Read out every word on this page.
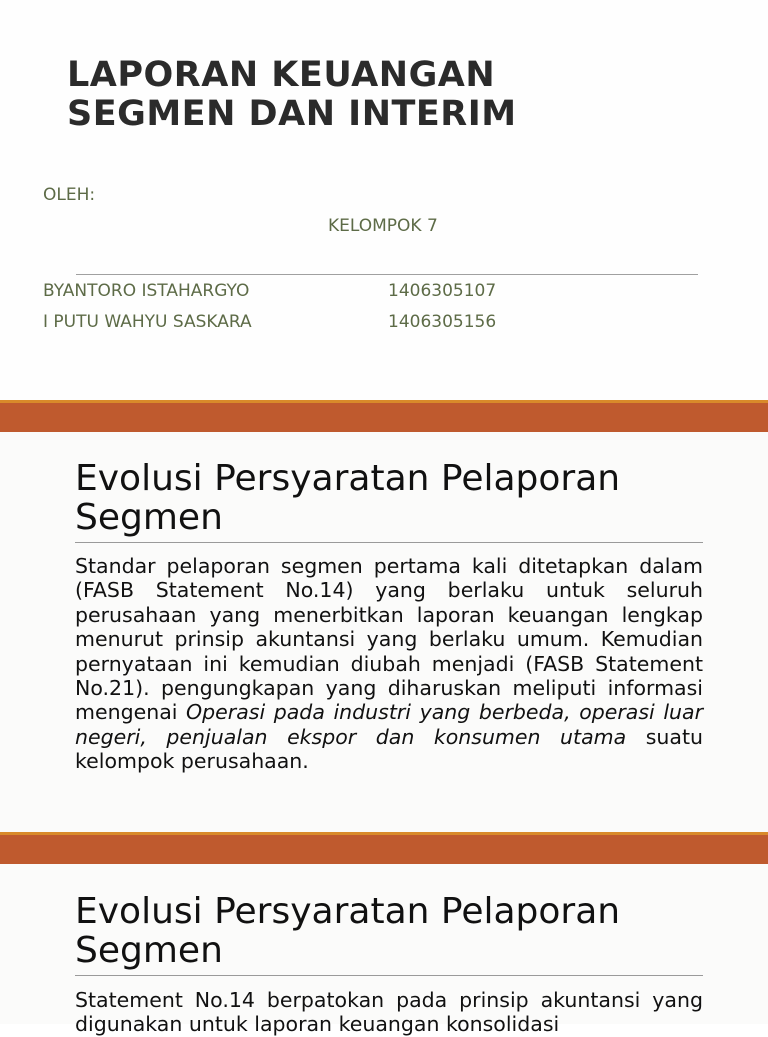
LAPORAN KEUANGAN
SEGMEN DAN INTERIM

OLEH:

KELOMPOK 7

BYANTORO ISTAHARGYO	1406305107

I PUTU WAHYU SASKARA	1406305156

Evolusi Persyaratan Pelaporan Segmen

Standar pelaporan segmen pertama kali ditetapkan dalam (FASB Statement No.14) yang berlaku untuk seluruh perusahaan yang menerbitkan laporan keuangan lengkap menurut prinsip akuntansi yang berlaku umum. Kemudian pernyataan ini kemudian diubah menjadi (FASB Statement No.21). pengungkapan yang diharuskan meliputi informasi mengenai Operasi pada industri yang berbeda, operasi luar negeri, penjualan ekspor dan konsumen utama suatu kelompok perusahaan.

Evolusi Persyaratan Pelaporan Segmen

Statement No.14 berpatokan pada prinsip akuntansi yang digunakan untuk laporan keuangan konsolidasi
